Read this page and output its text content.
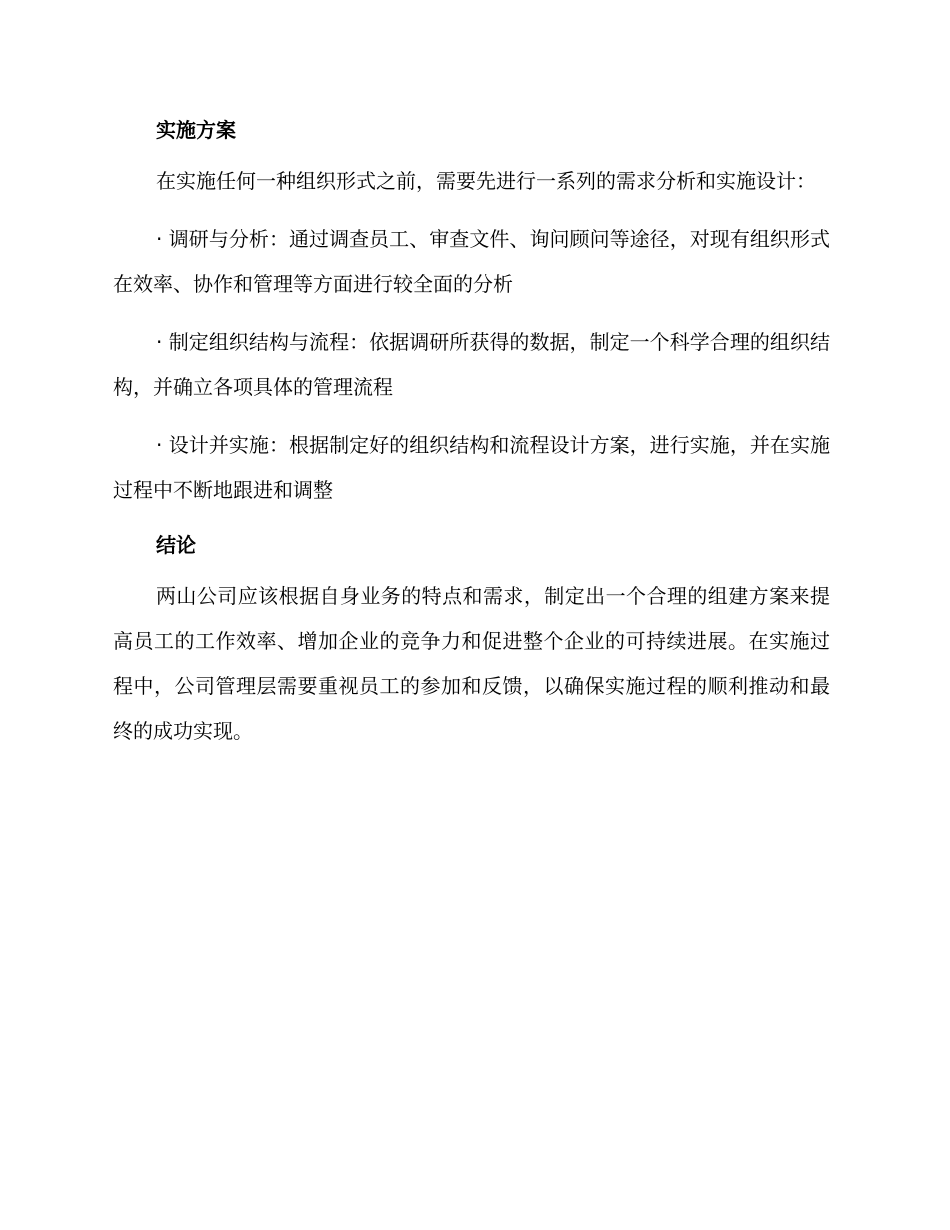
实施方案

在实施任何一种组织形式之前，需要先进行一系列的需求分析和实施设计：

· 调研与分析：通过调查员工、审查文件、询问顾问等途径，对现有组织形式在效率、协作和管理等方面进行较全面的分析

· 制定组织结构与流程：依据调研所获得的数据，制定一个科学合理的组织结构，并确立各项具体的管理流程

· 设计并实施：根据制定好的组织结构和流程设计方案，进行实施，并在实施过程中不断地跟进和调整

结论

两山公司应该根据自身业务的特点和需求，制定出一个合理的组建方案来提高员工的工作效率、增加企业的竞争力和促进整个企业的可持续进展。在实施过程中，公司管理层需要重视员工的参加和反馈，以确保实施过程的顺利推动和最终的成功实现。
